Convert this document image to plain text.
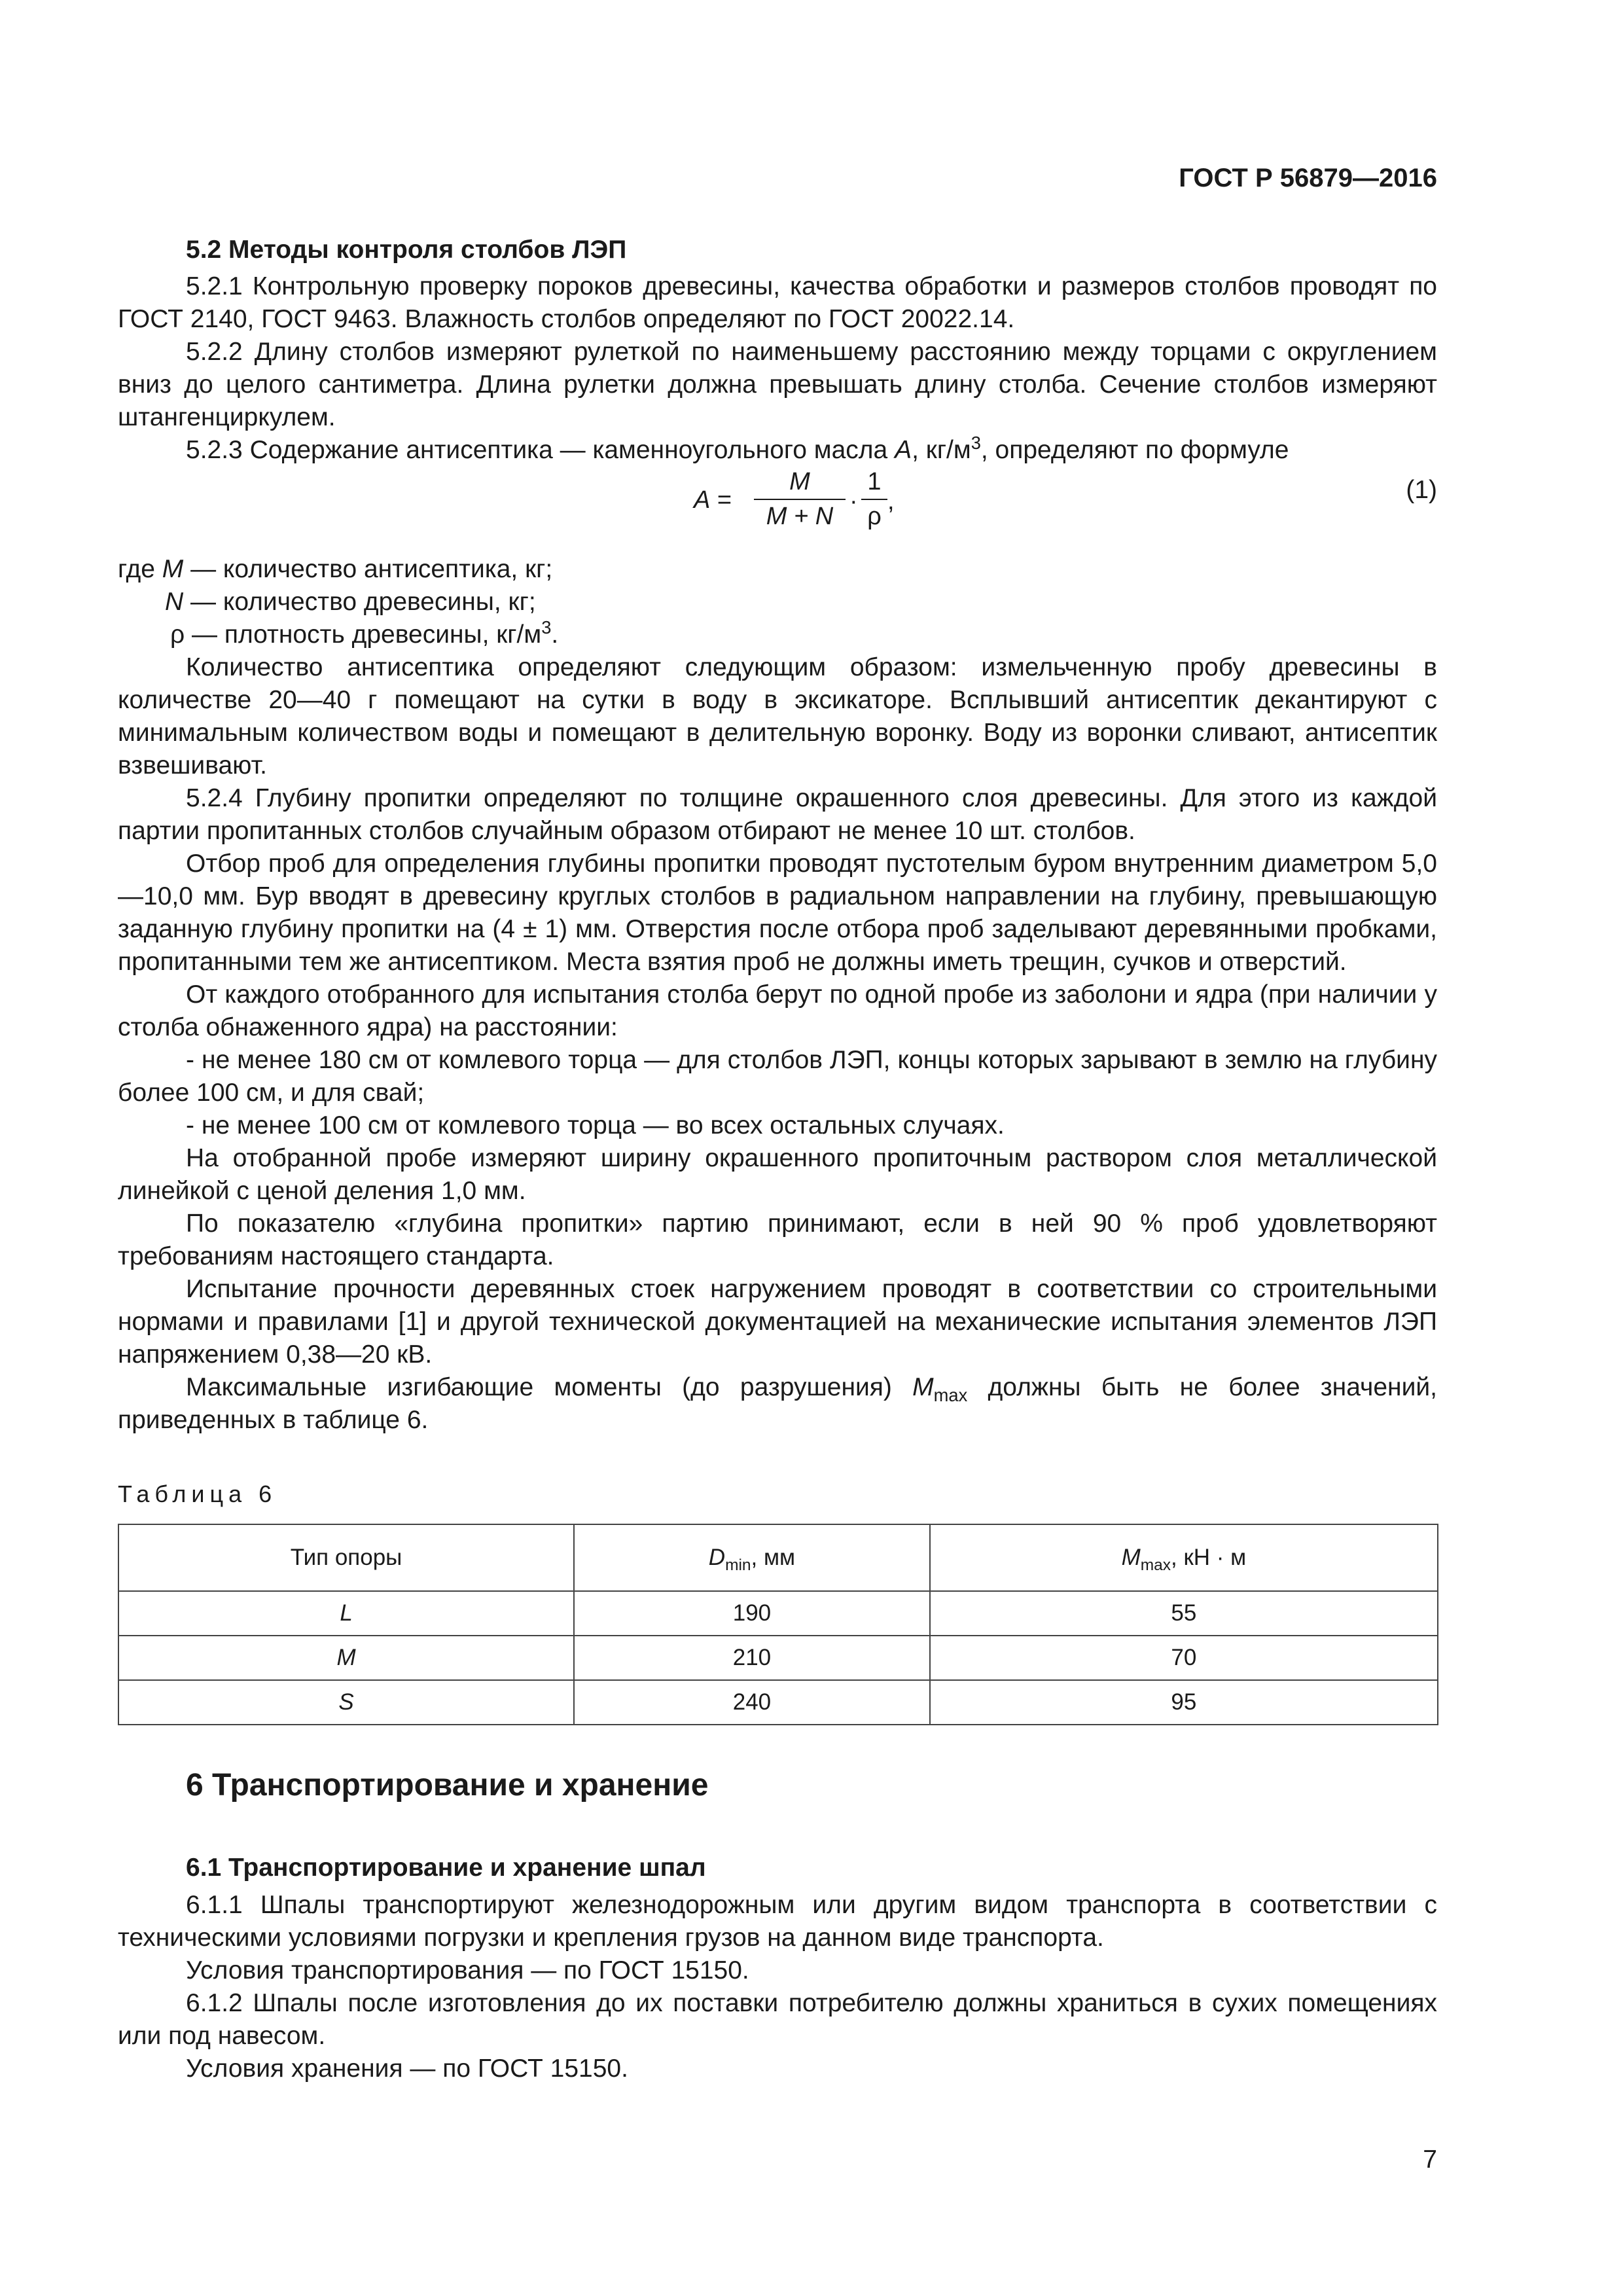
ГОСТ Р 56879—2016
5.2 Методы контроля столбов ЛЭП

5.2.1 Контрольную проверку пороков древесины, качества обработки и размеров столбов проводят по ГОСТ 2140, ГОСТ 9463. Влажность столбов определяют по ГОСТ 20022.14.

5.2.2 Длину столбов измеряют рулеткой по наименьшему расстоянию между торцами с округлением вниз до целого сантиметра. Длина рулетки должна превышать длину столба. Сечение столбов измеряют штангенциркулем.

5.2.3 Содержание антисептика — каменноугольного масла A, $кг/м^3$, определяют по формуле

A =
M
M + N
·
1
ρ
,	(1)
где M — количество антисептика, кг;
N — количество древесины, кг;
ρ — плотность древесины, $кг/м^3$.

Количество антисептика определяют следующим образом: измельченную пробу древесины в количестве 20—40 г помещают на сутки в воду в эксикаторе. Всплывший антисептик декантируют с минимальным количеством воды и помещают в делительную воронку. Воду из воронки сливают, антисептик взвешивают.

5.2.4 Глубину пропитки определяют по толщине окрашенного слоя древесины. Для этого из каждой партии пропитанных столбов случайным образом отбирают не менее 10 шт. столбов.

Отбор проб для определения глубины пропитки проводят пустотелым буром внутренним диаметром 5,0—10,0 мм. Бур вводят в древесину круглых столбов в радиальном направлении на глубину, превышающую заданную глубину пропитки на (4 ± 1) мм. Отверстия после отбора проб заделывают деревянными пробками, пропитанными тем же антисептиком. Места взятия проб не должны иметь трещин, сучков и отверстий.

От каждого отобранного для испытания столба берут по одной пробе из заболони и ядра (при наличии у столба обнаженного ядра) на расстоянии:

- не менее 180 см от комлевого торца — для столбов ЛЭП, концы которых зарывают в землю на глубину более 100 см, и для свай;

- не менее 100 см от комлевого торца — во всех остальных случаях.

На отобранной пробе измеряют ширину окрашенного пропиточным раствором слоя металлической линейкой с ценой деления 1,0 мм.

По показателю «глубина пропитки» партию принимают, если в ней 90 % проб удовлетворяют требованиям настоящего стандарта.

Испытание прочности деревянных стоек нагружением проводят в соответствии со строительными нормами и правилами [1] и другой технической документацией на механические испытания элементов ЛЭП напряжением 0,38—20 кВ.

Максимальные изгибающие моменты (до разрушения) $M_{max}$ должны быть не более значений, приведенных в таблице 6.

Таблица 6
Тип опоры	$D_{min}$, мм	$M_{max}$, кН · м
L	190	55
M	210	70
S	240	95
6 Транспортирование и хранение
6.1 Транспортирование и хранение шпал

6.1.1 Шпалы транспортируют железнодорожным или другим видом транспорта в соответствии с техническими условиями погрузки и крепления грузов на данном виде транспорта.

Условия транспортирования — по ГОСТ 15150.

6.1.2 Шпалы после изготовления до их поставки потребителю должны храниться в сухих помещениях или под навесом.

Условия хранения — по ГОСТ 15150.

7
